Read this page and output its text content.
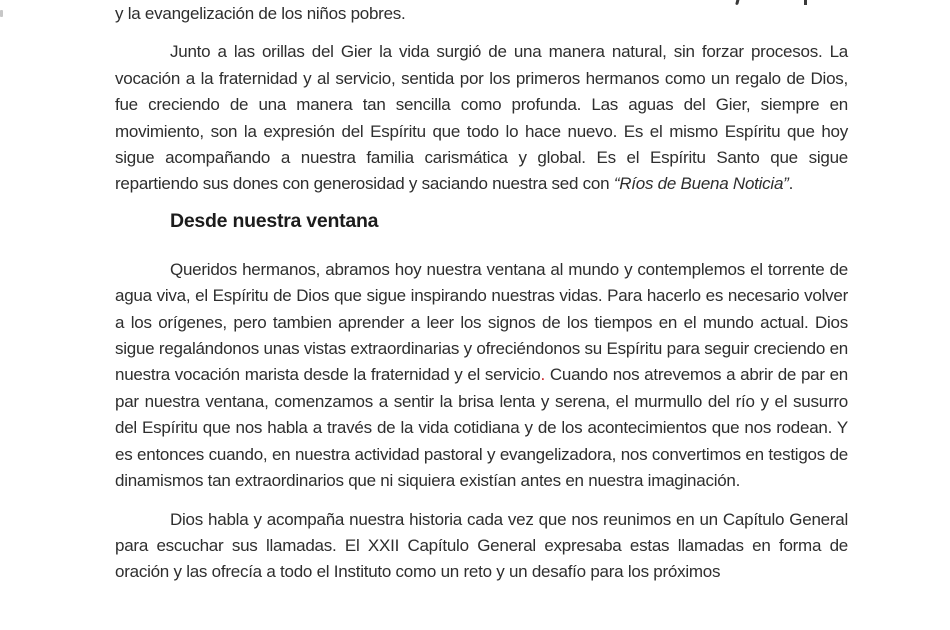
y la evangelización de los niños pobres.

Junto a las orillas del Gier la vida surgió de una manera natural, sin forzar procesos. La vocación a la fraternidad y al servicio, sentida por los primeros hermanos como un regalo de Dios, fue creciendo de una manera tan sencilla como profunda. Las aguas del Gier, siempre en movimiento, son la expresión del Espíritu que todo lo hace nuevo. Es el mismo Espíritu que hoy sigue acompañando a nuestra familia carismática y global. Es el Espíritu Santo que sigue repartiendo sus dones con generosidad y saciando nuestra sed con “Ríos de Buena Noticia”.

Desde nuestra ventana

Queridos hermanos, abramos hoy nuestra ventana al mundo y contemplemos el torrente de agua viva, el Espíritu de Dios que sigue inspirando nuestras vidas. Para hacerlo es necesario volver a los orígenes, pero tambien aprender a leer los signos de los tiempos en el mundo actual. Dios sigue regalándonos unas vistas extraordinarias y ofreciéndonos su Espíritu para seguir creciendo en nuestra vocación marista desde la fraternidad y el servicio. Cuando nos atrevemos a abrir de par en par nuestra ventana, comenzamos a sentir la brisa lenta y serena, el murmullo del río y el susurro del Espíritu que nos habla a través de la vida cotidiana y de los acontecimientos que nos rodean. Y es entonces cuando, en nuestra actividad pastoral y evangelizadora, nos convertimos en testigos de dinamismos tan extraordinarios que ni siquiera existían antes en nuestra imaginación.

Dios habla y acompaña nuestra historia cada vez que nos reunimos en un Capítulo General para escuchar sus llamadas. El XXII Capítulo General expresaba estas llamadas en forma de oración y las ofrecía a todo el Instituto como un reto y un desafío para los próximos
